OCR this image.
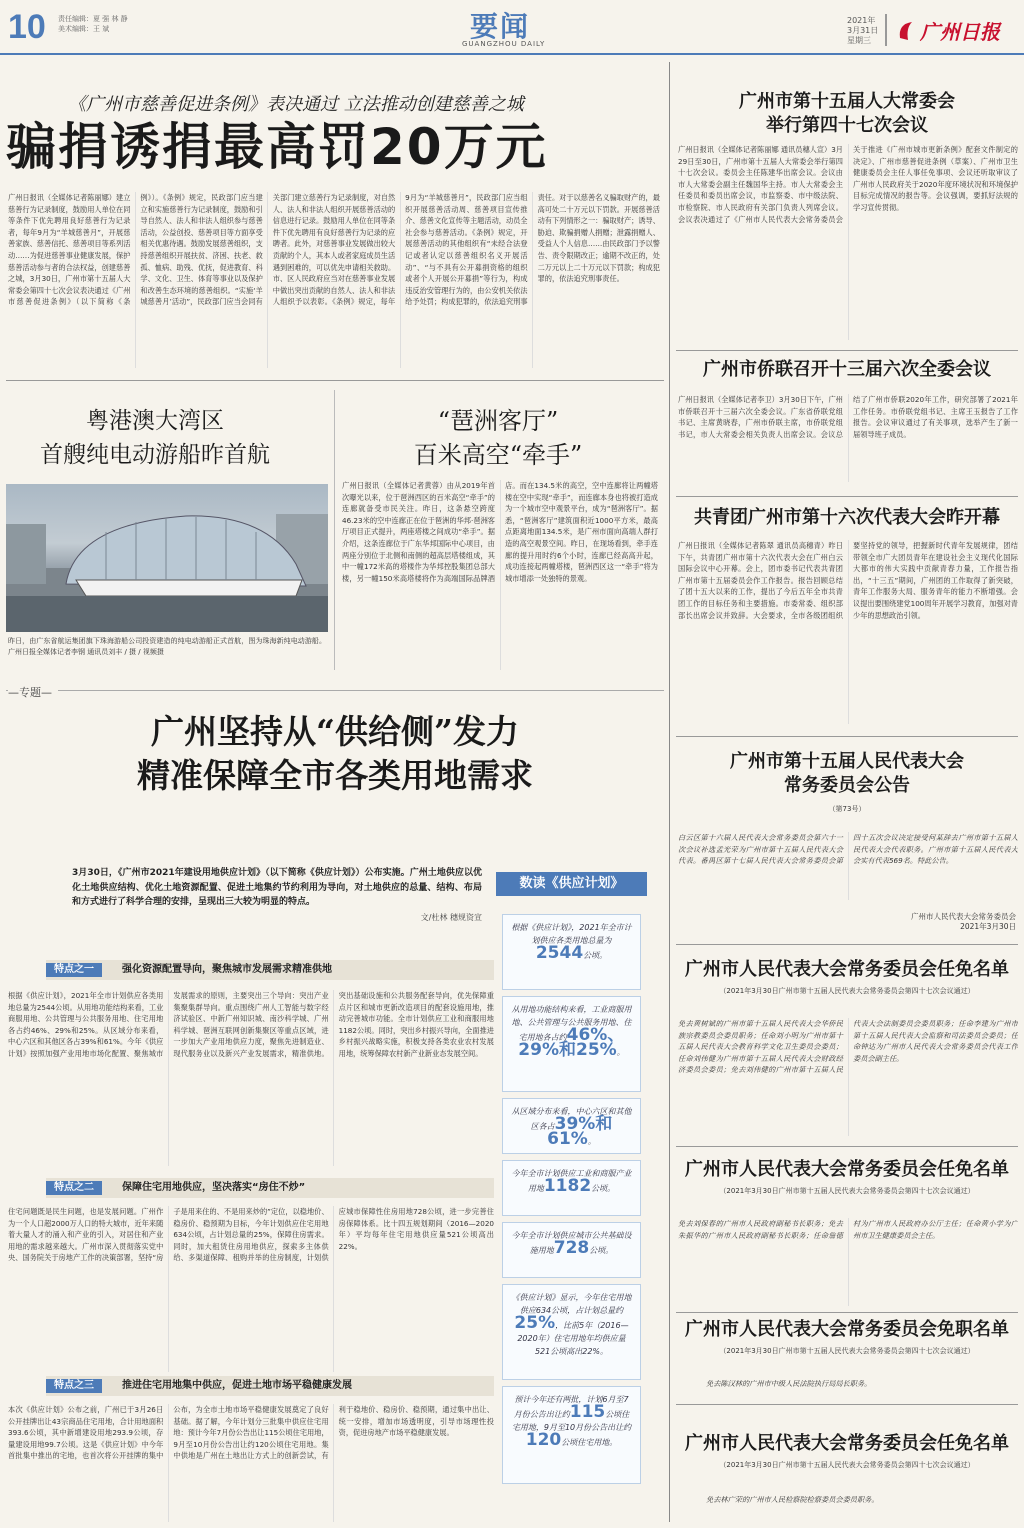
10 责任编辑：夏 强 林 静
美术编辑：王 斌	要闻
GUANGZHOU DAILY
2021年
3月31日
星期三	广州日报
《广州市慈善促进条例》表决通过 立法推动创建慈善之城
骗捐诱捐最高罚20万元
广州日报讯（全媒体记者陈丽娜）建立慈善行为记录制度，鼓励用人单位在同等条件下优先聘用良好慈善行为记录者，每年9月为“羊城慈善月”，开展慈善家族、慈善信托、慈善项目等系列活动……为促进慈善事业健康发展，保护慈善活动参与者的合法权益，创建慈善之城，3月30日，广州市第十五届人大常委会第四十七次会议表决通过《广州市慈善促进条例》（以下简称《条例》）。《条例》规定，民政部门应当建立和实施慈善行为记录制度，鼓励和引导自然人、法人和非法人组织参与慈善活动，公益创投、慈善项目等方面享受相关优惠待遇。鼓励发展慈善组织，支持慈善组织开展扶贫、济困、扶老、救孤、恤病、助残、优抚，促进教育、科学、文化、卫生、体育等事业以及保护和改善生态环境的慈善组织。“实施‘羊城慈善月’活动”，民政部门应当会同有关部门建立慈善行为记录制度，对自然人、法人和非法人组织开展慈善活动的信息进行记录。鼓励用人单位在同等条件下优先聘用有良好慈善行为记录的应聘者。此外，对慈善事业发展做出较大贡献的个人，其本人或者家庭成员生活遇到困难的，可以优先申请相关救助。市、区人民政府应当对在慈善事业发展中做出突出贡献的自然人、法人和非法人组织予以表彰。《条例》规定，每年9月为“羊城慈善月”，民政部门应当组织开展慈善活动周、慈善项目宣传推介、慈善文化宣传等主题活动，动员全社会参与慈善活动。《条例》规定，开展慈善活动的其他组织有“未经合法登记或者认定以慈善组织名义开展活动”、“与不具有公开募捐资格的组织或者个人开展公开募捐”等行为，构成违反治安管理行为的，由公安机关依法给予处罚；构成犯罪的，依法追究刑事责任。对于以慈善名义骗取财产的，最高可处二十万元以下罚款。开展慈善活动有下列情形之一：骗取财产；诱导、胁迫、欺骗捐赠人捐赠；泄露捐赠人、受益人个人信息……由民政部门予以警告、责令限期改正；逾期不改正的，处二万元以上二十万元以下罚款；构成犯罪的，依法追究刑事责任。
粤港澳大湾区
首艘纯电动游船昨首航
昨日，由广东省航运集团旗下珠海游船公司投资建造的纯电动游船正式首航，图为珠海新纯电动游船。广州日报全媒体记者李钢 通讯员刘丰 / 摄 / 视频摄
“琶洲客厅”
百米高空“牵手”
广州日报讯（全媒体记者黄蓉）由从2019年首次曝光以来，位于琶洲西区的百米高空“牵手”的连廊就备受市民关注。昨日，这条悬空跨度46.23米的空中连廊正在位于琶洲的华邦·琶洲客厅项目正式提升，两座塔楼之间成功“牵手”。据介绍，这条连廊位于广东华邦国际中心项目，由两座分别位于北侧和南侧的超高层塔楼组成，其中一幢172米高的塔楼作为华邦控股集团总部大楼，另一幢150米高塔楼将作为高端国际品牌酒店。而在134.5米的高空，空中连廊将让两幢塔楼在空中实现“牵手”，而连廊本身也将被打造成为一个城市空中观景平台，成为“琶洲客厅”。据悉，“琶洲客厅”建筑面积近1000平方米，最高点距离地面134.5米，是广州市面向高端人群打造的高空观景空间。昨日，在现场看到，牵手连廊的提升用时约6个小时，连廊已经高高升起，成功连接起两幢塔楼，琶洲西区这一“牵手”将为城市增添一处独特的景观。
—专题—
广州坚持从“供给侧”发力
精准保障全市各类用地需求
3月30日，《广州市2021年建设用地供应计划》（以下简称《供应计划》）公布实施。广州土地供应以优化土地供应结构、优化土地资源配置、促进土地集约节约利用为导向，对土地供应的总量、结构、布局和方式进行了科学合理的安排，呈现出三大较为明显的特点。
文/杜林 穗规资宣
特点之一	强化资源配置导向，聚焦城市发展需求精准供地
根据《供应计划》，2021年全市计划供应各类用地总量为2544公顷。从用地功能结构来看，工业商服用地、公共管理与公共服务用地、住宅用地各占约46%、29%和25%。从区域分布来看，中心六区和其他区各占39%和61%。今年《供应计划》按照加强产业用地市场化配置、聚焦城市发展需求的原则，主要突出三个导向：突出产业集聚集群导向。重点围绕广州人工智能与数字经济试验区、中新广州知识城、南沙科学城、广州科学城、琶洲互联网创新集聚区等重点区域，进一步加大产业用地供应力度，聚焦先进制造业、现代服务业以及新兴产业发展需求，精准供地。突出基础设施和公共服务配套导向，优先保障重点片区和城市更新改造项目的配套设施用地，推动完善城市功能。全市计划供应工业和商服用地1182公顷。同时，突出乡村振兴导向，全面推进乡村振兴战略实施，积极支持各类农业农村发展用地，统筹保障农村新产业新业态发展空间。
特点之二	保障住宅用地供应，坚决落实“房住不炒”
住宅问题既是民生问题，也是发展问题。广州作为一个人口超2000万人口的特大城市，近年来随着大量人才的涌入和产业的引入，对居住和产业用地的需求越来越大。广州市深入贯彻落实党中央、国务院关于房地产工作的决策部署，坚持“房子是用来住的、不是用来炒的”定位，以稳地价、稳房价、稳预期为目标，今年计划供应住宅用地634公顷，占计划总量的25%，保障住房需求。同时，加大租赁住房用地供应，探索多主体供给、多渠道保障、租购并举的住房制度，计划供应城市保障性住房用地728公顷，进一步完善住房保障体系。比十四五规划期间（2016—2020年）平均每年住宅用地供应量521公顷高出22%。
特点之三	推进住宅用地集中供应，促进土地市场平稳健康发展
本次《供应计划》公布之前，广州已于3月26日公开挂牌出让43宗商品住宅用地，合计用地面积393.6公顷，其中新增建设用地293.9公顷，存量建设用地99.7公顷。这是《供应计划》中今年首批集中推出的宅地，也首次将公开挂牌的集中公布，为全市土地市场平稳健康发展奠定了良好基础。据了解，今年计划分三批集中供应住宅用地：预计今年7月份公告出让115公顷住宅用地，9月至10月份公告出让约120公顷住宅用地。集中供地是广州在土地出让方式上的创新尝试，有利于稳地价、稳房价、稳预期，通过集中出让、统一安排，增加市场透明度，引导市场理性投资，促进房地产市场平稳健康发展。
数读《供应计划》
根据《供应计划》，2021年全市计划供应各类用地总量为2544公顷。
从用地功能结构来看，工业商服用地、公共管理与公共服务用地、住宅用地各占约46%、29%和25%。
从区域分布来看，中心六区和其他区各占39%和61%。
今年全市计划供应工业和商服产业用地1182公顷。
今年全市计划供应城市公共基础设施用地728公顷。
《供应计划》显示，今年住宅用地供应634公顷，占计划总量约25%，比前5年（2016—2020年）住宅用地年均供应量521公顷高出22%。
预计今年还有两批，计划6月至7月份公告出让约115公顷住宅用地，9月至10月份公告出让约
120公顷住宅用地。
广州市第十五届人大常委会
举行第四十七次会议
广州日报讯（全媒体记者陈丽娜 通讯员穗人宣）3月29日至30日，广州市第十五届人大常委会举行第四十七次会议。委员会主任陈建华出席会议。会议由市人大常委会副主任魏国华主持。市人大常委会主任委员和委员出席会议，市监察委、市中级法院、市检察院、市人民政府有关部门负责人列席会议。会议表决通过了《广州市人民代表大会常务委员会关于推进《广州市城市更新条例》配套文件制定的决定》、广州市慈善促进条例（草案）、广州市卫生健康委员会主任人事任免事项、会议还听取审议了广州市人民政府关于2020年度环境状况和环境保护目标完成情况的报告等。会议强调，要抓好法规的学习宣传贯彻。
广州市侨联召开十三届六次全委会议
广州日报讯（全媒体记者李卫）3月30日下午，广州市侨联召开十三届六次全委会议。广东省侨联党组书记、主席黄晓春，广州市侨联主席，市侨联党组书记，市人大常委会相关负责人出席会议。会议总结了广州市侨联2020年工作，研究部署了2021年工作任务。市侨联党组书记、主席王玉报告了工作报告。会议审议通过了有关事项，选举产生了新一届领导班子成员。
共青团广州市第十六次代表大会昨开幕
广州日报讯（全媒体记者陈翠 通讯员高穗青）昨日下午，共青团广州市第十六次代表大会在广州白云国际会议中心开幕。会上，团市委书记代表共青团广州市第十五届委员会作工作报告。报告回顾总结了团十五大以来的工作，提出了今后五年全市共青团工作的目标任务和主要措施。市委常委、组织部部长出席会议并致辞。大会要求，全市各级团组织要坚持党的领导，把握新时代青年发展规律，团结带领全市广大团员青年在建设社会主义现代化国际大都市的伟大实践中贡献青春力量，工作报告指出，“十三五”期间，广州团的工作取得了新突破，青年工作服务大局、服务青年的能力不断增强。会议提出要围绕建党100周年开展学习教育，加强对青少年的思想政治引领。
广州市第十五届人民代表大会
常务委员会公告
（第73号）
白云区第十六届人民代表大会常务委员会第六十一次会议补选孟光荣为广州市第十五届人民代表大会代表。番禺区第十七届人民代表大会常务委员会第四十五次会议决定接受何某辞去广州市第十五届人民代表大会代表职务。广州市第十五届人民代表大会实有代表569名。特此公告。
广州市人民代表大会常务委员会
2021年3月30日
广州市人民代表大会常务委员会任免名单
（2021年3月30日广州市第十五届人民代表大会常务委员会第四十七次会议通过）
免去黄树斌的广州市第十五届人民代表大会华侨民族宗教委员会委员职务；任命刘小明为广州市第十五届人民代表大会教育科学文化卫生委员会委员；任命刘伟健为广州市第十五届人民代表大会财政经济委员会委员；免去刘伟健的广州市第十五届人民代表大会法制委员会委员职务；任命李建为广州市第十五届人民代表大会监察和司法委员会委员；任命钟达为广州市人民代表大会常务委员会代表工作委员会副主任。
广州市人民代表大会常务委员会任免名单
（2021年3月30日广州市第十五届人民代表大会常务委员会第四十七次会议通过）
免去刘保春的广州市人民政府副秘书长职务；免去朱振华的广州市人民政府副秘书长职务；任命詹德村为广州市人民政府办公厅主任；任命黄小学为广州市卫生健康委员会主任。
广州市人民代表大会常务委员会免职名单
（2021年3月30日广州市第十五届人民代表大会常务委员会第四十七次会议通过）
免去陈汉林的广州市中级人民法院执行局局长职务。
广州市人民代表大会常务委员会任免名单
（2021年3月30日广州市第十五届人民代表大会常务委员会第四十七次会议通过）
免去林广荣的广州市人民检察院检察委员会委员职务。
